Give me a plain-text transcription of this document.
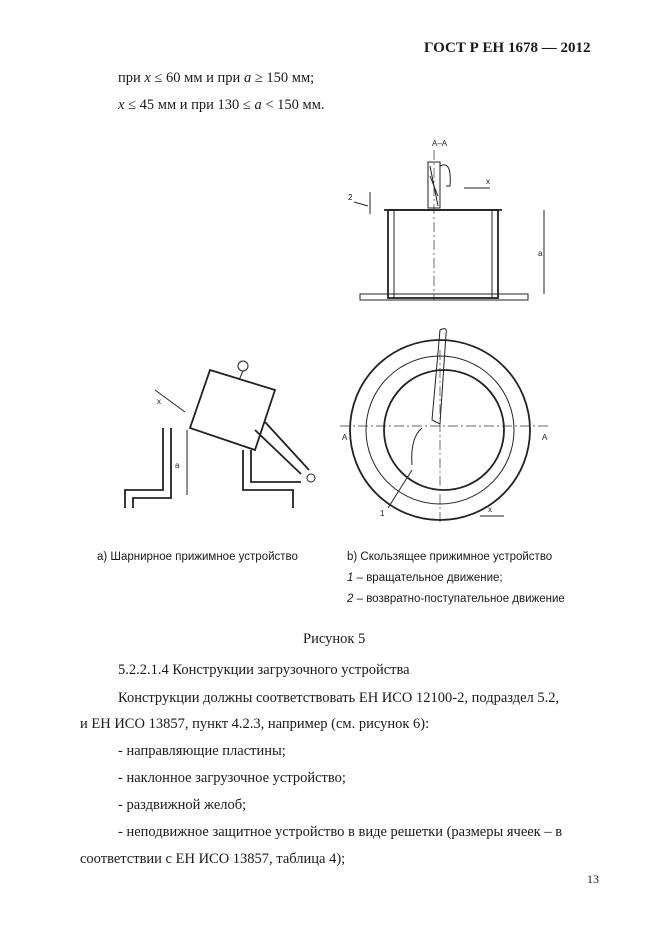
ГОСТ Р ЕН 1678 — 2012
при x ≤ 60 мм и при a ≥ 150 мм;
x ≤ 45 мм и при 130 ≤ a < 150 мм.
A–A
x
2
a
x
a
A	A
1	x
а) Шарнирное прижимное устройство	b) Скользящее прижимное устройство
1 – вращательное движение;
2 – возвратно-поступательное движение
Рисунок 5
5.2.2.1.4 Конструкции загрузочного устройства
Конструкции должны соответствовать ЕН ИСО 12100-2, подраздел 5.2,
и ЕН ИСО 13857, пункт 4.2.3, например (см. рисунок 6):
- направляющие пластины;
- наклонное загрузочное устройство;
- раздвижной желоб;
- неподвижное защитное устройство в виде решетки (размеры ячеек – в
соответствии с ЕН ИСО 13857, таблица 4);
13
